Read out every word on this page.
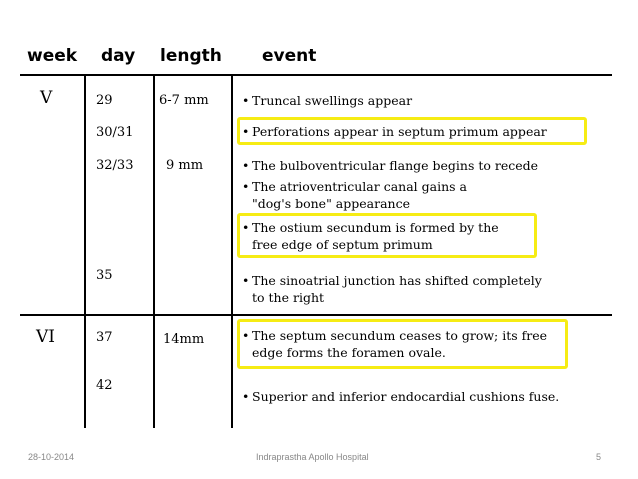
week day length event
V
VI
29
30/31
32/33
35
37
42
6-7 mm
9 mm
14mm
• Truncal swellings appear
• Perforations appear in septum primum appear
• The bulboventricular flange begins to recede
• The atrioventricular canal gains a
"dog's bone" appearance
• The ostium secundum is formed by the
free edge of septum primum
• The sinoatrial junction has shifted completely
to the right
• The septum secundum ceases to grow; its free
edge forms the foramen ovale.
• Superior and inferior endocardial cushions fuse.
28-10-2014	Indraprastha Apollo Hospital	5
